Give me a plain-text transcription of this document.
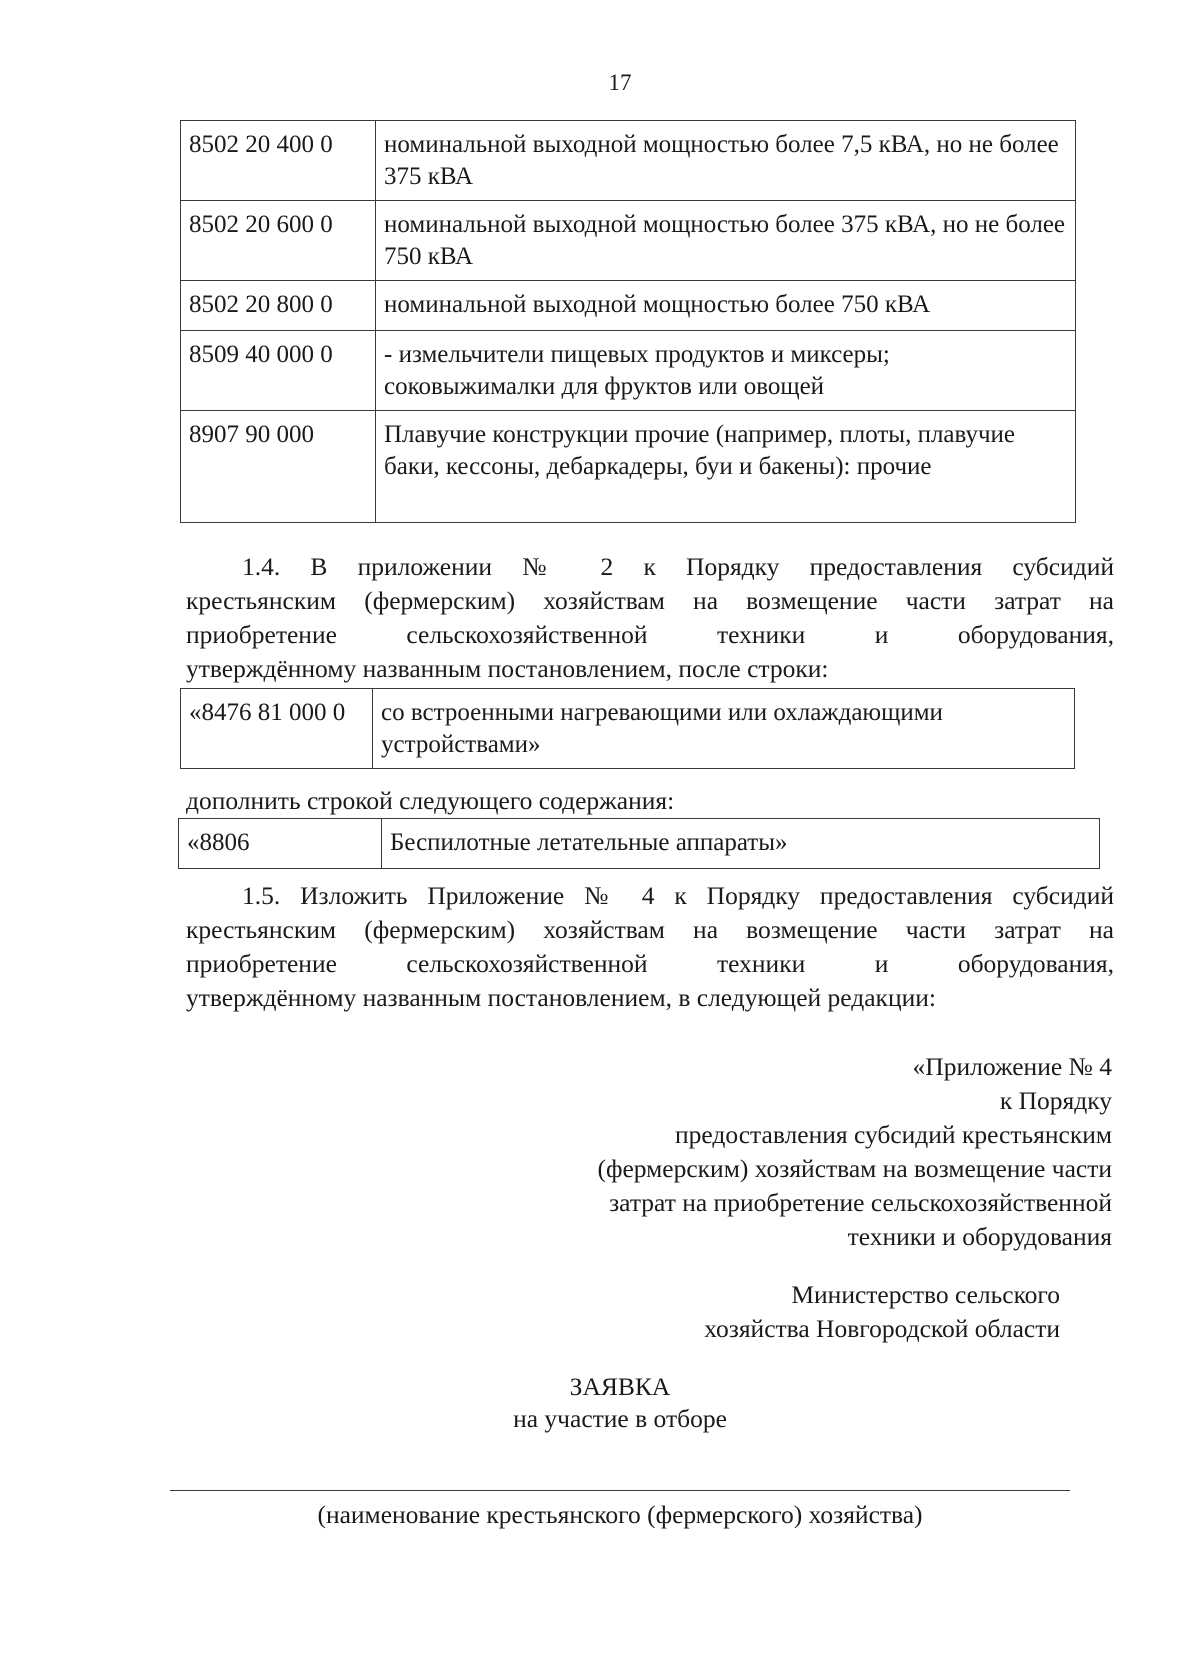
17
8502 20 400 0	номинальной выходной мощностью более 7,5 кВА, но не более 375 кВА
8502 20 600 0	номинальной выходной мощностью более 375 кВА, но не более 750 кВА
8502 20 800 0	номинальной выходной мощностью более 750 кВА
8509 40 000 0	- измельчители пищевых продуктов и миксеры; соковыжималки для фруктов или овощей
8907 90 000	Плавучие конструкции прочие (например, плоты, плавучие баки, кессоны, дебаркадеры, буи и бакены): прочие

1.4. В приложении № 2 к Порядку предоставления субсидий

крестьянским (фермерским) хозяйствам на возмещение части затрат на

приобретение сельскохозяйственной техники и оборудования,

утверждённому названным постановлением, после строки:

«8476 81 000 0	со встроенными нагревающими или охлаждающими устройствами»
дополнить строкой следующего содержания:
«8806	Беспилотные летательные аппараты»

1.5. Изложить Приложение № 4 к Порядку предоставления субсидий

крестьянским (фермерским) хозяйствам на возмещение части затрат на

приобретение сельскохозяйственной техники и оборудования,

утверждённому названным постановлением, в следующей редакции:

«Приложение № 4
к Порядку
предоставления субсидий крестьянским
(фермерским) хозяйствам на возмещение части
затрат на приобретение сельскохозяйственной
техники и оборудования
Министерство сельского
хозяйства Новгородской области
ЗАЯВКА
на участие в отборе
(наименование крестьянского (фермерского) хозяйства)
